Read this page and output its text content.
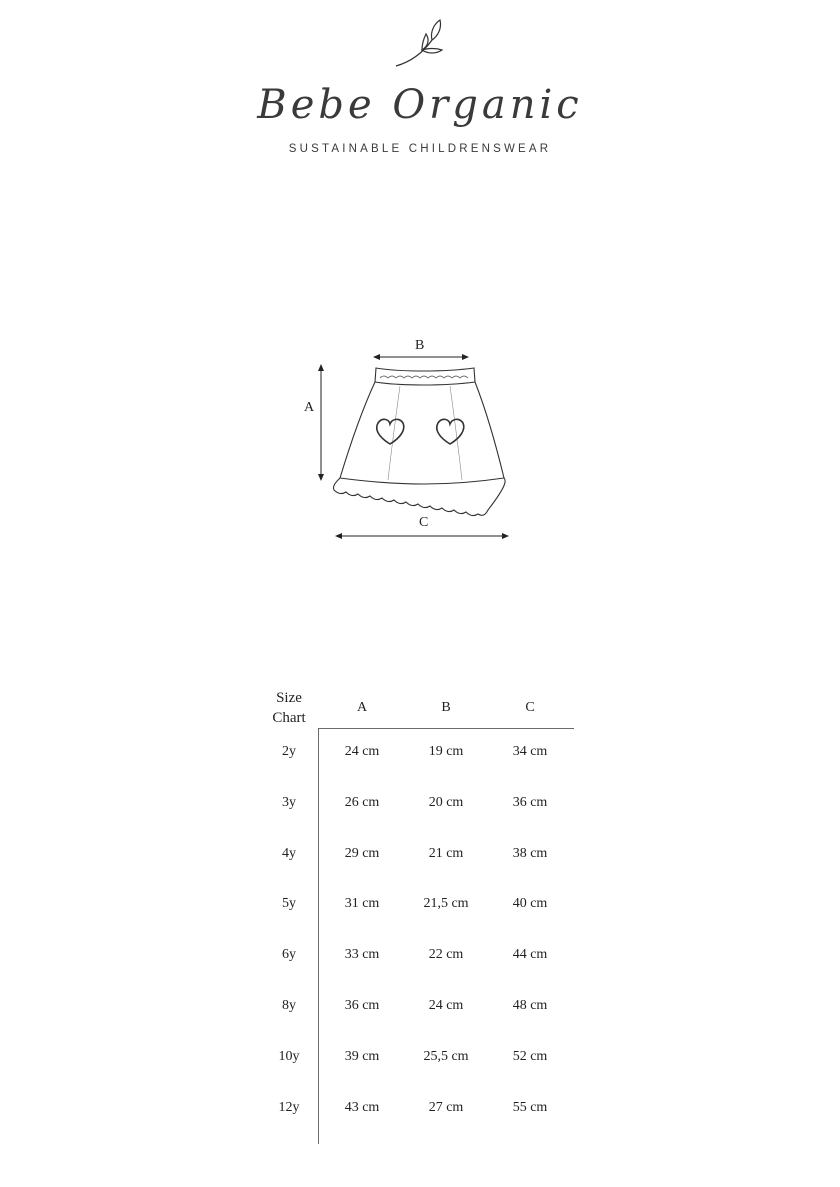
Bebe Organic
SUSTAINABLE CHILDRENSWEAR
B
A
C
Size Chart
A	B	C
2y	24 cm	19 cm	34 cm
3y	26 cm	20 cm	36 cm
4y	29 cm	21 cm	38 cm
5y	31 cm	21,5 cm	40 cm
6y	33 cm	22 cm	44 cm
8y	36 cm	24 cm	48 cm
10y	39 cm	25,5 cm	52 cm
12y	43 cm	27 cm	55 cm
